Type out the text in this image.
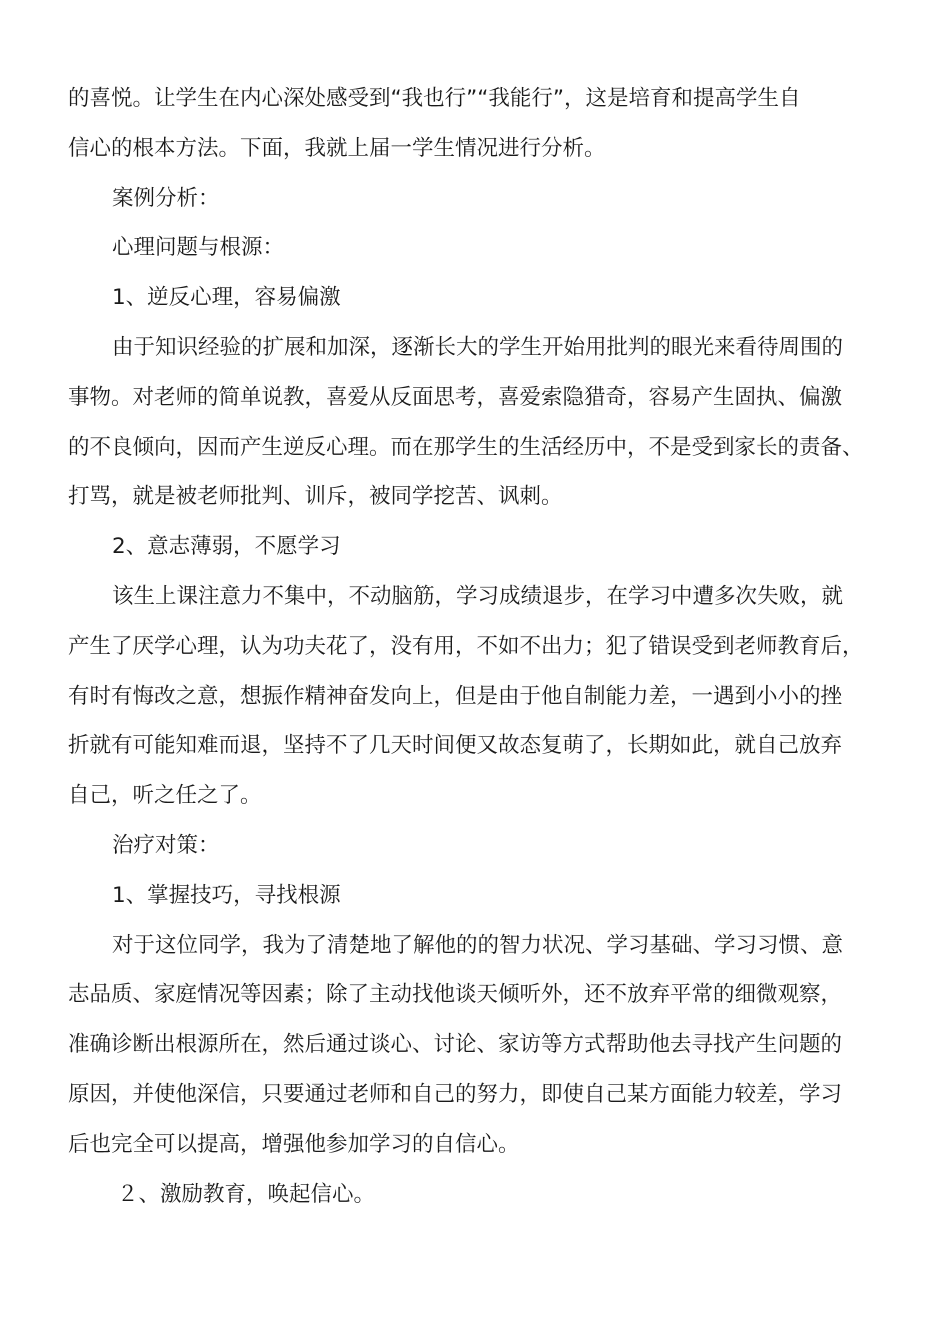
的喜悦。让学生在内心深处感受到“我也行”“我能行”，这是培育和提高学生自
信心的根本方法。下面，我就上届一学生情况进行分析。
案例分析：
心理问题与根源：
1、逆反心理，容易偏激
由于知识经验的扩展和加深，逐渐长大的学生开始用批判的眼光来看待周围的
事物。对老师的简单说教，喜爱从反面思考，喜爱索隐猎奇，容易产生固执、偏激
的不良倾向，因而产生逆反心理。而在那学生的生活经历中，不是受到家长的责备、
打骂，就是被老师批判、训斥，被同学挖苦、讽刺。
2、意志薄弱，不愿学习
该生上课注意力不集中，不动脑筋，学习成绩退步，在学习中遭多次失败，就
产生了厌学心理，认为功夫花了，没有用，不如不出力；犯了错误受到老师教育后，
有时有悔改之意，想振作精神奋发向上，但是由于他自制能力差，一遇到小小的挫
折就有可能知难而退，坚持不了几天时间便又故态复萌了，长期如此，就自己放弃
自己，听之任之了。
治疗对策：
1、掌握技巧，寻找根源
对于这位同学，我为了清楚地了解他的的智力状况、学习基础、学习习惯、意
志品质、家庭情况等因素；除了主动找他谈天倾听外，还不放弃平常的细微观察，
准确诊断出根源所在，然后通过谈心、讨论、家访等方式帮助他去寻找产生问题的
原因，并使他深信，只要通过老师和自己的努力，即使自己某方面能力较差，学习
后也完全可以提高，增强他参加学习的自信心。
２、激励教育，唤起信心。
